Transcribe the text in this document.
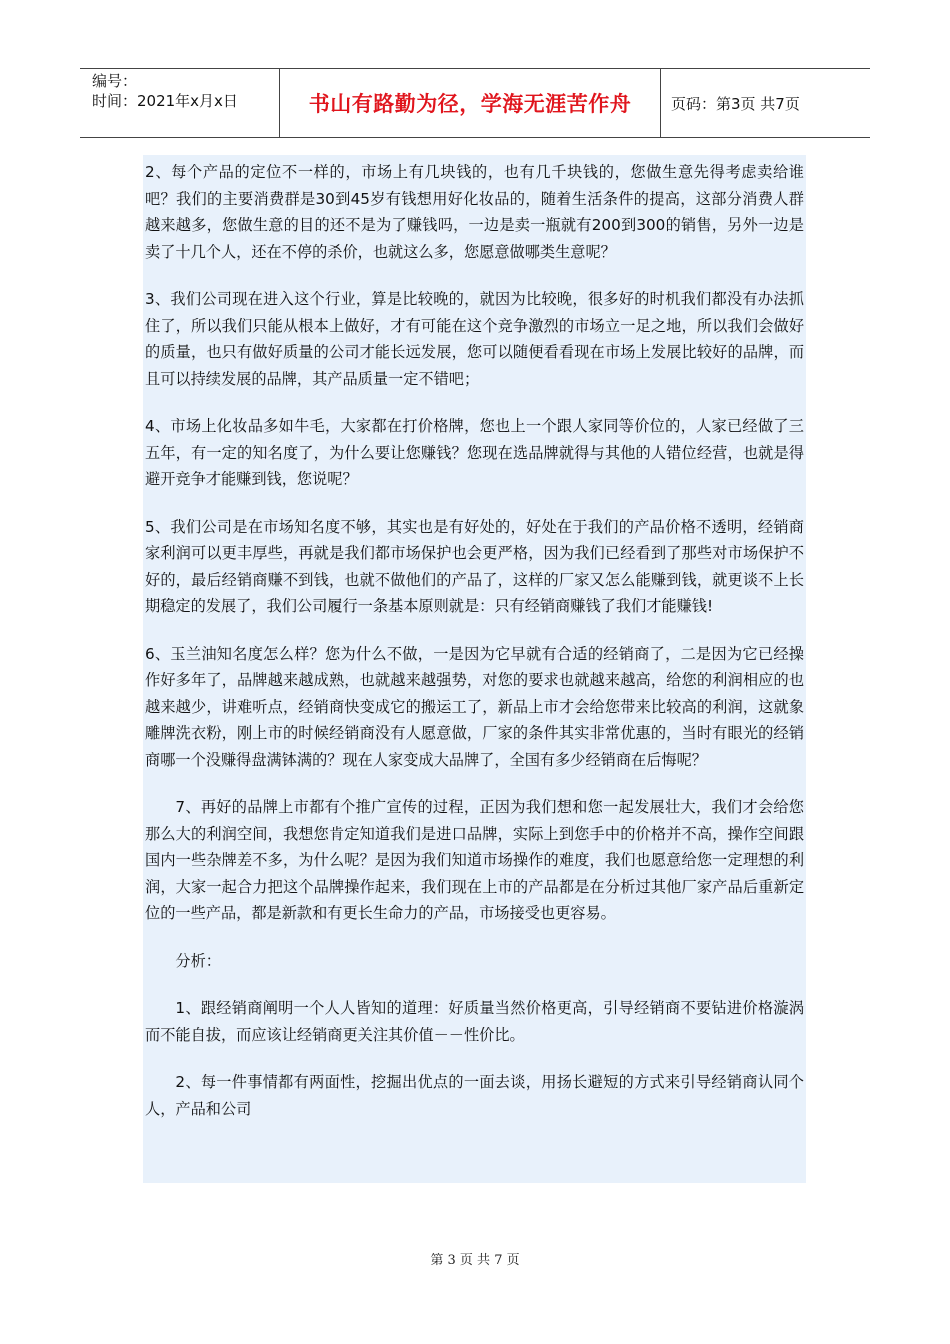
编号：
时间：2021年x月x日	书山有路勤为径，学海无涯苦作舟	页码：第3页 共7页

2、每个产品的定位不一样的，市场上有几块钱的，也有几千块钱的，您做生意先得考虑卖给谁吧？我们的主要消费群是30到45岁有钱想用好化妆品的，随着生活条件的提高，这部分消费人群越来越多，您做生意的目的还不是为了赚钱吗，一边是卖一瓶就有200到300的销售，另外一边是卖了十几个人，还在不停的杀价，也就这么多，您愿意做哪类生意呢？

3、我们公司现在进入这个行业，算是比较晚的，就因为比较晚，很多好的时机我们都没有办法抓住了，所以我们只能从根本上做好，才有可能在这个竞争激烈的市场立一足之地，所以我们会做好的质量，也只有做好质量的公司才能长远发展，您可以随便看看现在市场上发展比较好的品牌，而且可以持续发展的品牌，其产品质量一定不错吧；

4、市场上化妆品多如牛毛，大家都在打价格牌，您也上一个跟人家同等价位的，人家已经做了三五年，有一定的知名度了，为什么要让您赚钱？您现在选品牌就得与其他的人错位经营，也就是得避开竞争才能赚到钱，您说呢？

5、我们公司是在市场知名度不够，其实也是有好处的，好处在于我们的产品价格不透明，经销商家利润可以更丰厚些，再就是我们都市场保护也会更严格，因为我们已经看到了那些对市场保护不好的，最后经销商赚不到钱，也就不做他们的产品了，这样的厂家又怎么能赚到钱，就更谈不上长期稳定的发展了，我们公司履行一条基本原则就是：只有经销商赚钱了我们才能赚钱!

6、玉兰油知名度怎么样？您为什么不做，一是因为它早就有合适的经销商了，二是因为它已经操作好多年了，品牌越来越成熟，也就越来越强势，对您的要求也就越来越高，给您的利润相应的也越来越少，讲难听点，经销商快变成它的搬运工了，新品上市才会给您带来比较高的利润，这就象雕牌洗衣粉，刚上市的时候经销商没有人愿意做，厂家的条件其实非常优惠的，当时有眼光的经销商哪一个没赚得盘满钵满的？现在人家变成大品牌了，全国有多少经销商在后悔呢？

7、再好的品牌上市都有个推广宣传的过程，正因为我们想和您一起发展壮大，我们才会给您那么大的利润空间，我想您肯定知道我们是进口品牌，实际上到您手中的价格并不高，操作空间跟国内一些杂牌差不多，为什么呢？是因为我们知道市场操作的难度，我们也愿意给您一定理想的利润，大家一起合力把这个品牌操作起来，我们现在上市的产品都是在分析过其他厂家产品后重新定位的一些产品，都是新款和有更长生命力的产品，市场接受也更容易。

分析：

1、跟经销商阐明一个人人皆知的道理：好质量当然价格更高，引导经销商不要钻进价格漩涡而不能自拔，而应该让经销商更关注其价值－－性价比。

2、每一件事情都有两面性，挖掘出优点的一面去谈，用扬长避短的方式来引导经销商认同个人，产品和公司

第 3 页 共 7 页
